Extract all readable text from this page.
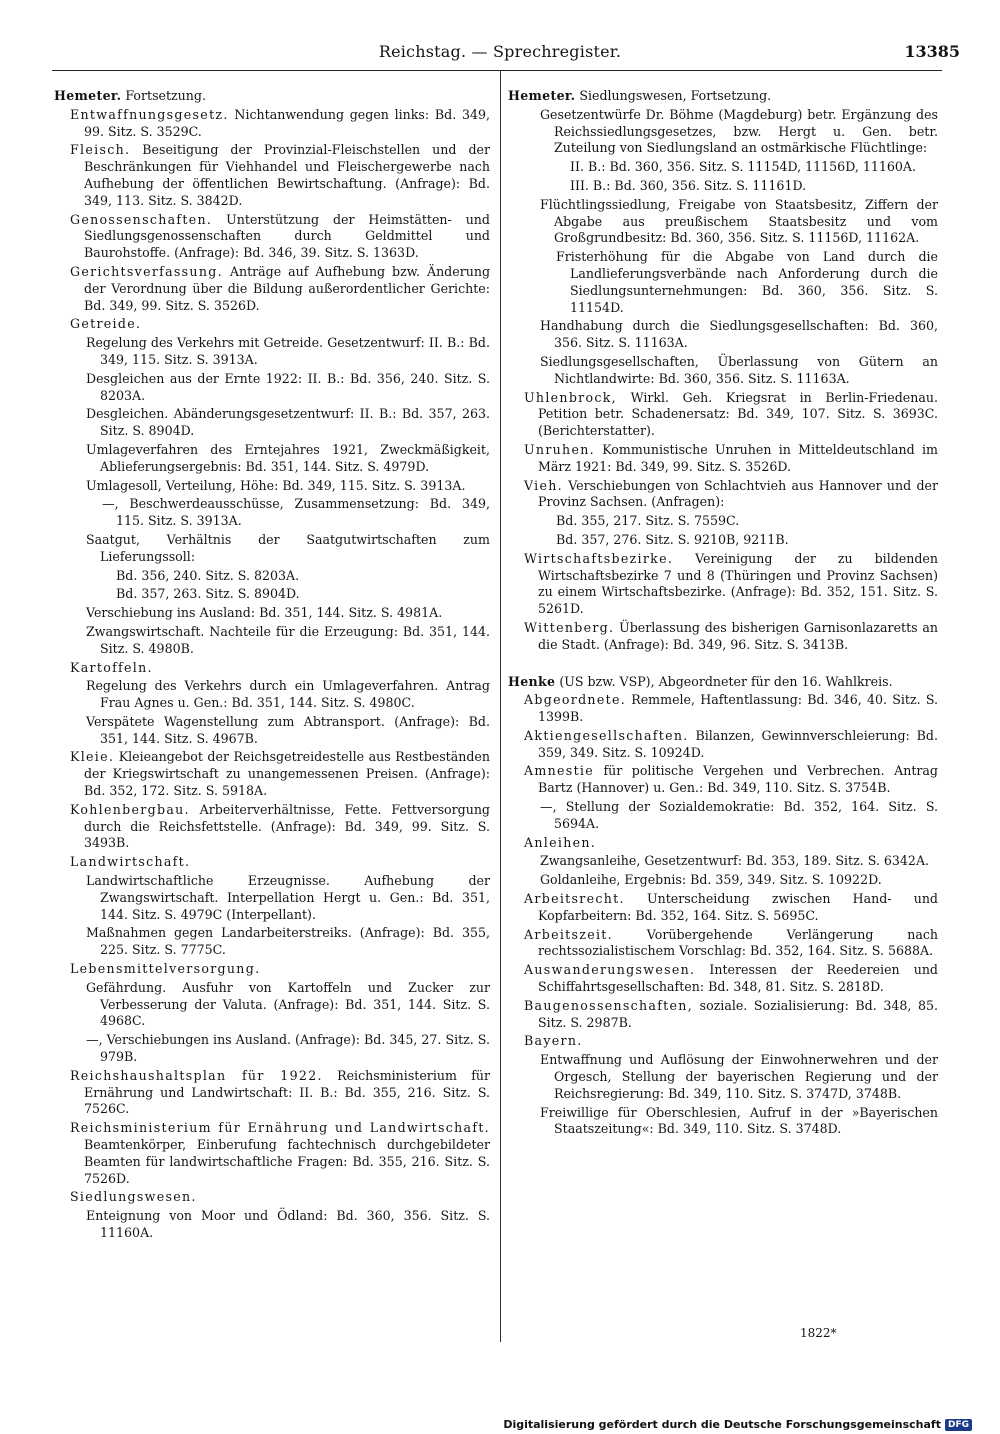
Reichstag. — Sprechregister.	13385
Hemeter. Fortsetzung.
Entwaffnungsgesetz. Nichtanwendung gegen links: Bd. 349, 99. Sitz. S. 3529C.
Fleisch. Beseitigung der Provinzial-Fleischstellen und der Beschränkungen für Viehhandel und Fleischergewerbe nach Aufhebung der öffentlichen Bewirtschaftung. (Anfrage): Bd. 349, 113. Sitz. S. 3842D.
Genossenschaften. Unterstützung der Heimstätten- und Siedlungsgenossenschaften durch Geldmittel und Baurohstoffe. (Anfrage): Bd. 346, 39. Sitz. S. 1363D.
Gerichtsverfassung. Anträge auf Aufhebung bzw. Änderung der Verordnung über die Bildung außerordentlicher Gerichte: Bd. 349, 99. Sitz. S. 3526D.
Getreide.
Regelung des Verkehrs mit Getreide. Gesetzentwurf: II. B.: Bd. 349, 115. Sitz. S. 3913A.
Desgleichen aus der Ernte 1922: II. B.: Bd. 356, 240. Sitz. S. 8203A.
Desgleichen. Abänderungsgesetzentwurf: II. B.: Bd. 357, 263. Sitz. S. 8904D.
Umlageverfahren des Erntejahres 1921, Zweckmäßigkeit, Ablieferungsergebnis: Bd. 351, 144. Sitz. S. 4979D.
Umlagesoll, Verteilung, Höhe: Bd. 349, 115. Sitz. S. 3913A.
—, Beschwerdeausschüsse, Zusammensetzung: Bd. 349, 115. Sitz. S. 3913A.
Saatgut, Verhältnis der Saatgutwirtschaften zum Lieferungssoll:
Bd. 356, 240. Sitz. S. 8203A.
Bd. 357, 263. Sitz. S. 8904D.
Verschiebung ins Ausland: Bd. 351, 144. Sitz. S. 4981A.
Zwangswirtschaft. Nachteile für die Erzeugung: Bd. 351, 144. Sitz. S. 4980B.
Kartoffeln.
Regelung des Verkehrs durch ein Umlageverfahren. Antrag Frau Agnes u. Gen.: Bd. 351, 144. Sitz. S. 4980C.
Verspätete Wagenstellung zum Abtransport. (Anfrage): Bd. 351, 144. Sitz. S. 4967B.
Kleie. Kleieangebot der Reichsgetreidestelle aus Restbeständen der Kriegswirtschaft zu unangemessenen Preisen. (Anfrage): Bd. 352, 172. Sitz. S. 5918A.
Kohlenbergbau. Arbeiterverhältnisse, Fette. Fettversorgung durch die Reichsfettstelle. (Anfrage): Bd. 349, 99. Sitz. S. 3493B.
Landwirtschaft.
Landwirtschaftliche Erzeugnisse. Aufhebung der Zwangswirtschaft. Interpellation Hergt u. Gen.: Bd. 351, 144. Sitz. S. 4979C (Interpellant).
Maßnahmen gegen Landarbeiterstreiks. (Anfrage): Bd. 355, 225. Sitz. S. 7775C.
Lebensmittelversorgung.
Gefährdung. Ausfuhr von Kartoffeln und Zucker zur Verbesserung der Valuta. (Anfrage): Bd. 351, 144. Sitz. S. 4968C.
—, Verschiebungen ins Ausland. (Anfrage): Bd. 345, 27. Sitz. S. 979B.
Reichshaushaltsplan für 1922. Reichsministerium für Ernährung und Landwirtschaft: II. B.: Bd. 355, 216. Sitz. S. 7526C.
Reichsministerium für Ernährung und Landwirtschaft. Beamtenkörper, Einberufung fachtechnisch durchgebildeter Beamten für landwirtschaftliche Fragen: Bd. 355, 216. Sitz. S. 7526D.
Siedlungswesen.
Enteignung von Moor und Ödland: Bd. 360, 356. Sitz. S. 11160A.
Hemeter. Siedlungswesen, Fortsetzung.
Gesetzentwürfe Dr. Böhme (Magdeburg) betr. Ergänzung des Reichssiedlungsgesetzes, bzw. Hergt u. Gen. betr. Zuteilung von Siedlungsland an ostmärkische Flüchtlinge:
II. B.: Bd. 360, 356. Sitz. S. 11154D, 11156D, 11160A.
III. B.: Bd. 360, 356. Sitz. S. 11161D.
Flüchtlingssiedlung, Freigabe von Staatsbesitz, Ziffern der Abgabe aus preußischem Staatsbesitz und vom Großgrundbesitz: Bd. 360, 356. Sitz. S. 11156D, 11162A.
Fristerhöhung für die Abgabe von Land durch die Landlieferungsverbände nach Anforderung durch die Siedlungsunternehmungen: Bd. 360, 356. Sitz. S. 11154D.
Handhabung durch die Siedlungsgesellschaften: Bd. 360, 356. Sitz. S. 11163A.
Siedlungsgesellschaften, Überlassung von Gütern an Nichtlandwirte: Bd. 360, 356. Sitz. S. 11163A.
Uhlenbrock, Wirkl. Geh. Kriegsrat in Berlin-Friedenau. Petition betr. Schadenersatz: Bd. 349, 107. Sitz. S. 3693C. (Berichterstatter).
Unruhen. Kommunistische Unruhen in Mitteldeutschland im März 1921: Bd. 349, 99. Sitz. S. 3526D.
Vieh. Verschiebungen von Schlachtvieh aus Hannover und der Provinz Sachsen. (Anfragen):
Bd. 355, 217. Sitz. S. 7559C.
Bd. 357, 276. Sitz. S. 9210B, 9211B.
Wirtschaftsbezirke. Vereinigung der zu bildenden Wirtschaftsbezirke 7 und 8 (Thüringen und Provinz Sachsen) zu einem Wirtschaftsbezirke. (Anfrage): Bd. 352, 151. Sitz. S. 5261D.
Wittenberg. Überlassung des bisherigen Garnisonlazaretts an die Stadt. (Anfrage): Bd. 349, 96. Sitz. S. 3413B.
Henke (US bzw. VSP), Abgeordneter für den 16. Wahlkreis.
Abgeordnete. Remmele, Haftentlassung: Bd. 346, 40. Sitz. S. 1399B.
Aktiengesellschaften. Bilanzen, Gewinnverschleierung: Bd. 359, 349. Sitz. S. 10924D.
Amnestie für politische Vergehen und Verbrechen. Antrag Bartz (Hannover) u. Gen.: Bd. 349, 110. Sitz. S. 3754B.
—, Stellung der Sozialdemokratie: Bd. 352, 164. Sitz. S. 5694A.
Anleihen.
Zwangsanleihe, Gesetzentwurf: Bd. 353, 189. Sitz. S. 6342A.
Goldanleihe, Ergebnis: Bd. 359, 349. Sitz. S. 10922D.
Arbeitsrecht. Unterscheidung zwischen Hand- und Kopfarbeitern: Bd. 352, 164. Sitz. S. 5695C.
Arbeitszeit.	Vorübergehende Verlängerung nach rechtssozialistischem Vorschlag: Bd. 352, 164. Sitz. S. 5688A.
Auswanderungswesen. Interessen der Reedereien und Schiffahrtsgesellschaften: Bd. 348, 81. Sitz. S. 2818D.
Baugenossenschaften, soziale. Sozialisierung: Bd. 348, 85. Sitz. S. 2987B.
Bayern.
Entwaffnung und Auflösung der Einwohnerwehren und der Orgesch, Stellung der bayerischen Regierung und der Reichsregierung: Bd. 349, 110. Sitz. S. 3747D, 3748B.
Freiwillige für Oberschlesien, Aufruf in der »Bayerischen Staatszeitung«: Bd. 349, 110. Sitz. S. 3748D.
1822*
Digitalisierung gefördert durch die Deutsche Forschungsgemeinschaft DFG
